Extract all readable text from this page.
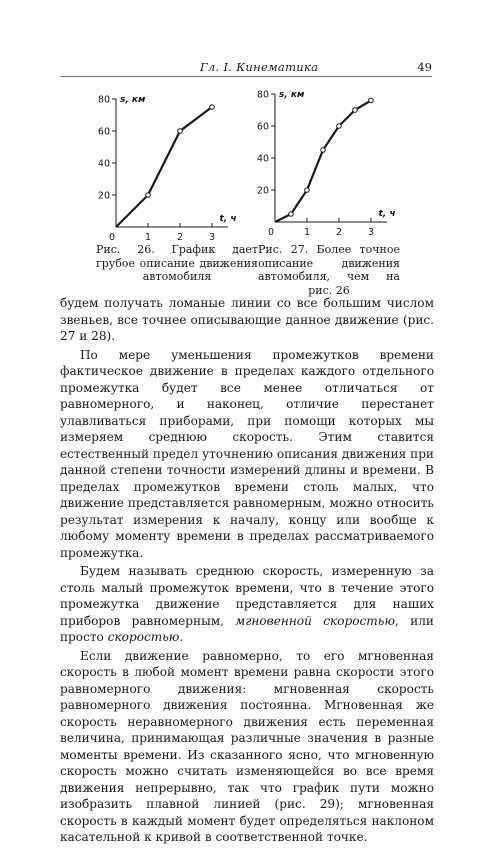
Гл. I. Кинематика	49
20
40
60
80
0	1	2	3
s, км
t, ч
20
40
60
80
0	1	2	3
s, км
t, ч
Рис. 26. График дает грубое описание движения автомобиля
Рис. 27. Более точное описание движения автомобиля, чем на рис. 26

будем получать ломаные линии со все большим числом звеньев, все точнее описывающие данное движение (рис. 27 и 28).

По мере уменьшения промежутков времени фактическое движение в пределах каждого отдельного промежутка будет все менее отличаться от равномерного, и наконец, отличие перестанет улавливаться приборами, при помощи которых мы измеряем среднюю скорость. Этим ставится естественный предел уточнению описания движения при данной степени точности измерений длины и времени. В пределах промежутков времени столь малых, что движение представляется равномерным, можно относить результат измерения к началу, концу или вообще к любому моменту времени в пределах рассматриваемого промежутка.

Будем называть среднюю скорость, измеренную за столь малый промежуток времени, что в течение этого промежутка движение представляется для наших приборов равномерным, мгновенной скоростью, или просто скоростью.

Если движение равномерно, то его мгновенная скорость в любой момент времени равна скорости этого равномерного движения: мгновенная скорость равномерного движения постоянна. Мгновенная же скорость неравномерного движения есть переменная величина, принимающая различные значения в разные моменты времени. Из сказанного ясно, что мгновенную скорость можно считать изменяющейся во все время движения непрерывно, так что график пути можно изобразить плавной линией (рис. 29); мгновенная скорость в каждый момент будет определяться наклоном касательной к кривой в соответственной точке.
